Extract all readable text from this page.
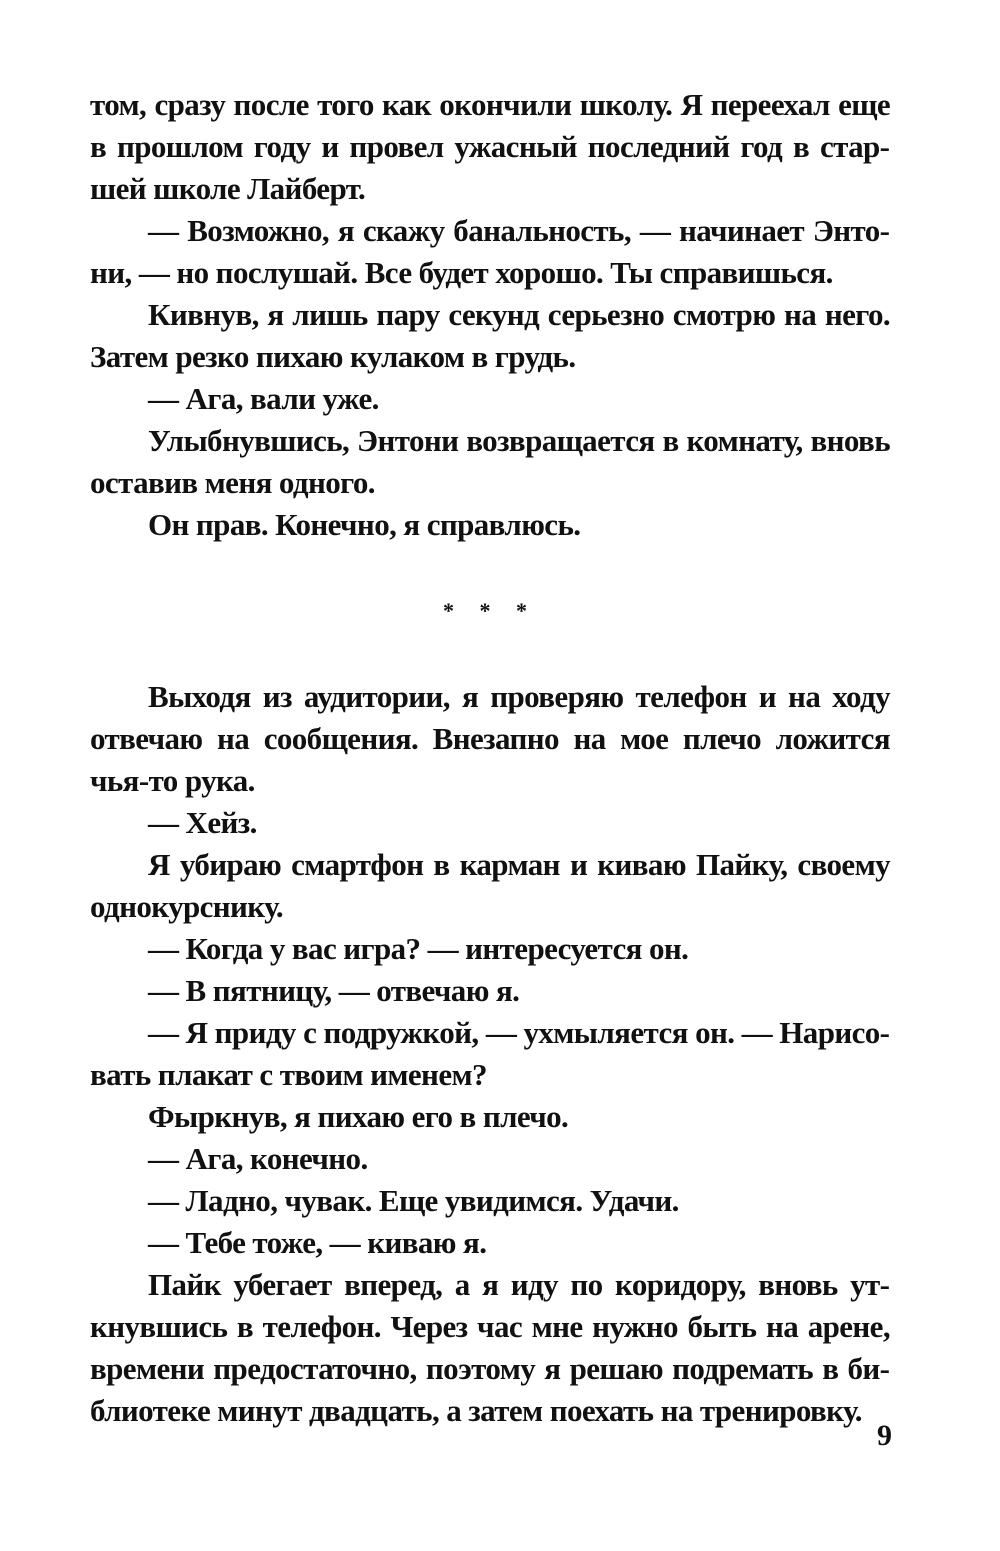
том, сразу после того как окончили школу. Я переехал еще в прошлом году и провел ужасный последний год в старшей школе Лайберт.

— Возможно, я скажу банальность, — начинает Энтони, — но послушай. Все будет хорошо. Ты справишься.

Кивнув, я лишь пару секунд серьезно смотрю на него. Затем резко пихаю кулаком в грудь.

— Ага, вали уже.

Улыбнувшись, Энтони возвращается в комнату, вновь оставив меня одного.

Он прав. Конечно, я справлюсь.

* * *

Выходя из аудитории, я проверяю телефон и на ходу отвечаю на сообщения. Внезапно на мое плечо ложится чья-то рука.

— Хейз.

Я убираю смартфон в карман и киваю Пайку, своему однокурснику.

— Когда у вас игра? — интересуется он.

— В пятницу, — отвечаю я.

— Я приду с подружкой, — ухмыляется он. — Нарисовать плакат с твоим именем?

Фыркнув, я пихаю его в плечо.

— Ага, конечно.

— Ладно, чувак. Еще увидимся. Удачи.

— Тебе тоже, — киваю я.

Пайк убегает вперед, а я иду по коридору, вновь уткнувшись в телефон. Через час мне нужно быть на арене, времени предостаточно, поэтому я решаю подремать в библиотеке минут двадцать, а затем поехать на тренировку.

9
